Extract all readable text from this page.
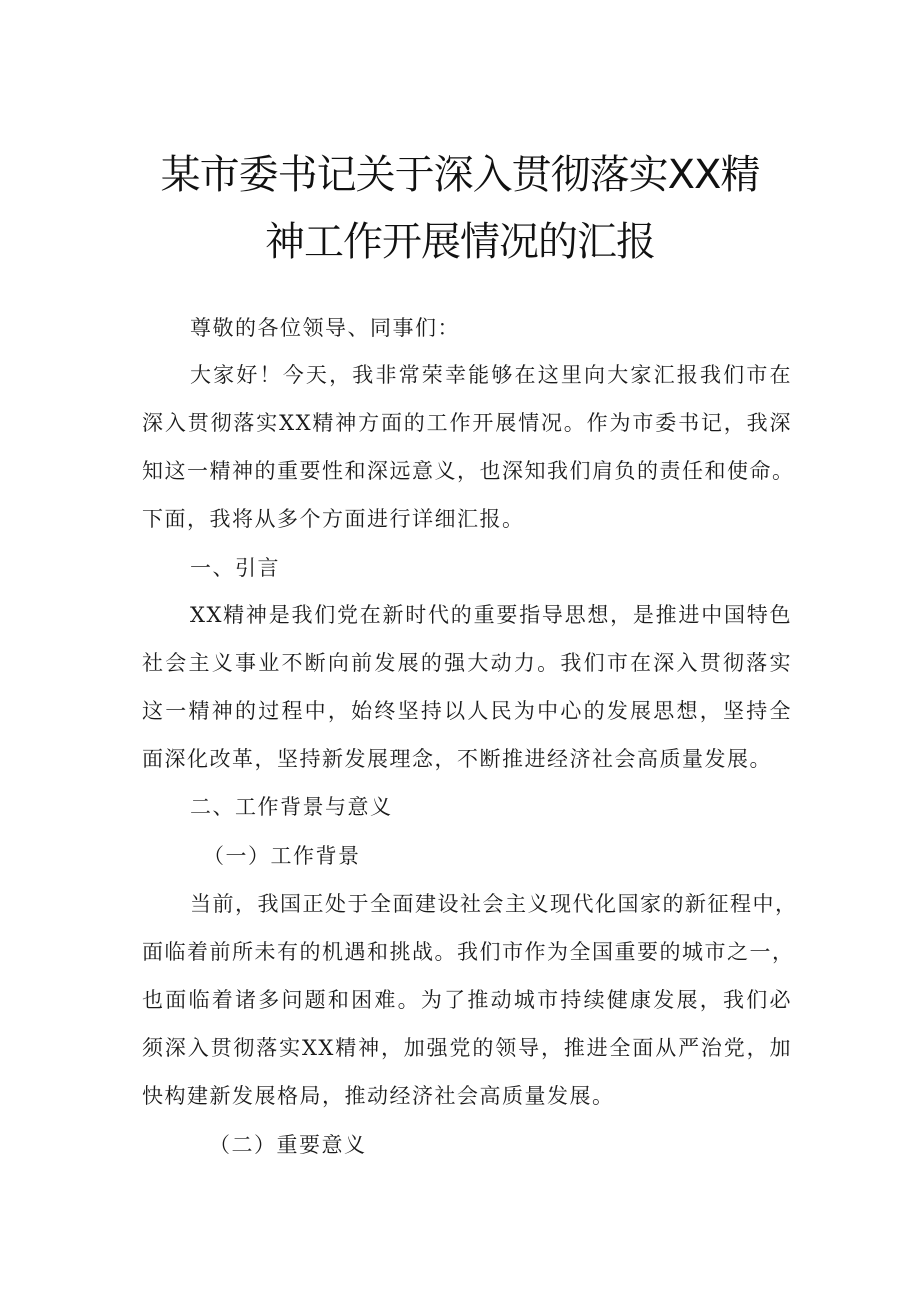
某市委书记关于深入贯彻落实XX精
神工作开展情况的汇报

尊敬的各位领导、同事们：

大家好！今天，我非常荣幸能够在这里向大家汇报我们市在

深入贯彻落实XX精神方面的工作开展情况。作为市委书记，我深

知这一精神的重要性和深远意义，也深知我们肩负的责任和使命。

下面，我将从多个方面进行详细汇报。

一、引言

XX精神是我们党在新时代的重要指导思想，是推进中国特色

社会主义事业不断向前发展的强大动力。我们市在深入贯彻落实

这一精神的过程中，始终坚持以人民为中心的发展思想，坚持全

面深化改革，坚持新发展理念，不断推进经济社会高质量发展。

二、工作背景与意义

（一）工作背景

当前，我国正处于全面建设社会主义现代化国家的新征程中，

面临着前所未有的机遇和挑战。我们市作为全国重要的城市之一，

也面临着诸多问题和困难。为了推动城市持续健康发展，我们必

须深入贯彻落实XX精神，加强党的领导，推进全面从严治党，加

快构建新发展格局，推动经济社会高质量发展。

（二）重要意义
